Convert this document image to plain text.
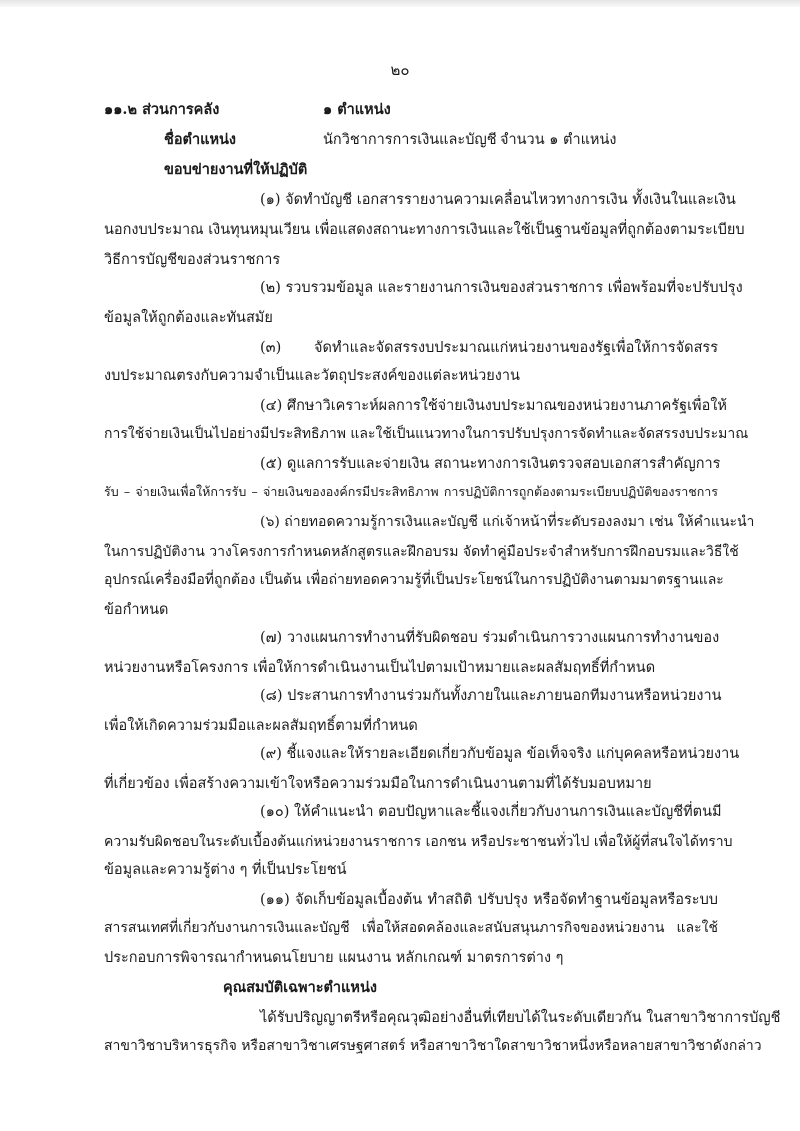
๒๐
๑๑.๒ ส่วนการคลัง	๑ ตำแหน่ง
ชื่อตำแหน่ง	นักวิชาการการเงินและบัญชี จำนวน ๑ ตำแหน่ง
ขอบข่ายงานที่ให้ปฏิบัติ
(๑) จัดทำบัญชี เอกสารรายงานความเคลื่อนไหวทางการเงิน ทั้งเงินในและเงิน
นอกงบประมาณ เงินทุนหมุนเวียน เพื่อแสดงสถานะทางการเงินและใช้เป็นฐานข้อมูลที่ถูกต้องตามระเบียบ
วิธีการบัญชีของส่วนราชการ
(๒) รวบรวมข้อมูล และรายงานการเงินของส่วนราชการ เพื่อพร้อมที่จะปรับปรุง
ข้อมูลให้ถูกต้องและทันสมัย
(๓) จัดทำและจัดสรรงบประมาณแก่หน่วยงานของรัฐเพื่อให้การจัดสรร
งบประมาณตรงกับความจำเป็นและวัตถุประสงค์ของแต่ละหน่วยงาน
(๔) ศึกษาวิเคราะห์ผลการใช้จ่ายเงินงบประมาณของหน่วยงานภาครัฐเพื่อให้
การใช้จ่ายเงินเป็นไปอย่างมีประสิทธิภาพ และใช้เป็นแนวทางในการปรับปรุงการจัดทำและจัดสรรงบประมาณ
(๕) ดูแลการรับและจ่ายเงิน สถานะทางการเงินตรวจสอบเอกสารสำคัญการ
รับ – จ่ายเงินเพื่อให้การรับ – จ่ายเงินขององค์กรมีประสิทธิภาพ การปฏิบัติการถูกต้องตามระเบียบปฏิบัติของราชการ
(๖) ถ่ายทอดความรู้การเงินและบัญชี แก่เจ้าหน้าที่ระดับรองลงมา เช่น ให้คำแนะนำ
ในการปฏิบัติงาน วางโครงการกำหนดหลักสูตรและฝึกอบรม จัดทำคู่มือประจำสำหรับการฝึกอบรมและวิธีใช้
อุปกรณ์เครื่องมือที่ถูกต้อง เป็นต้น เพื่อถ่ายทอดความรู้ที่เป็นประโยชน์ในการปฏิบัติงานตามมาตรฐานและ
ข้อกำหนด
(๗) วางแผนการทำงานที่รับผิดชอบ ร่วมดำเนินการวางแผนการทำงานของ
หน่วยงานหรือโครงการ เพื่อให้การดำเนินงานเป็นไปตามเป้าหมายและผลสัมฤทธิ์ที่กำหนด
(๘) ประสานการทำงานร่วมกันทั้งภายในและภายนอกทีมงานหรือหน่วยงาน
เพื่อให้เกิดความร่วมมือและผลสัมฤทธิ์ตามที่กำหนด
(๙) ชี้แจงและให้รายละเอียดเกี่ยวกับข้อมูล ข้อเท็จจริง แก่บุคคลหรือหน่วยงาน
ที่เกี่ยวข้อง เพื่อสร้างความเข้าใจหรือความร่วมมือในการดำเนินงานตามที่ได้รับมอบหมาย
(๑๐) ให้คำแนะนำ ตอบปัญหาและชี้แจงเกี่ยวกับงานการเงินและบัญชีที่ตนมี
ความรับผิดชอบในระดับเบื้องต้นแก่หน่วยงานราชการ เอกชน หรือประชาชนทั่วไป เพื่อให้ผู้ที่สนใจได้ทราบ
ข้อมูลและความรู้ต่าง ๆ ที่เป็นประโยชน์
(๑๑) จัดเก็บข้อมูลเบื้องต้น ทำสถิติ ปรับปรุง หรือจัดทำฐานข้อมูลหรือระบบ
สารสนเทศที่เกี่ยวกับงานการเงินและบัญชี เพื่อให้สอดคล้องและสนับสนุนภารกิจของหน่วยงาน และใช้
ประกอบการพิจารณากำหนดนโยบาย แผนงาน หลักเกณฑ์ มาตรการต่าง ๆ
คุณสมบัติเฉพาะตำแหน่ง
ได้รับปริญญาตรีหรือคุณวุฒิอย่างอื่นที่เทียบได้ในระดับเดียวกัน ในสาขาวิชาการบัญชี
สาขาวิชาบริหารธุรกิจ หรือสาขาวิชาเศรษฐศาสตร์ หรือสาขาวิชาใดสาขาวิชาหนึ่งหรือหลายสาขาวิชาดังกล่าว
